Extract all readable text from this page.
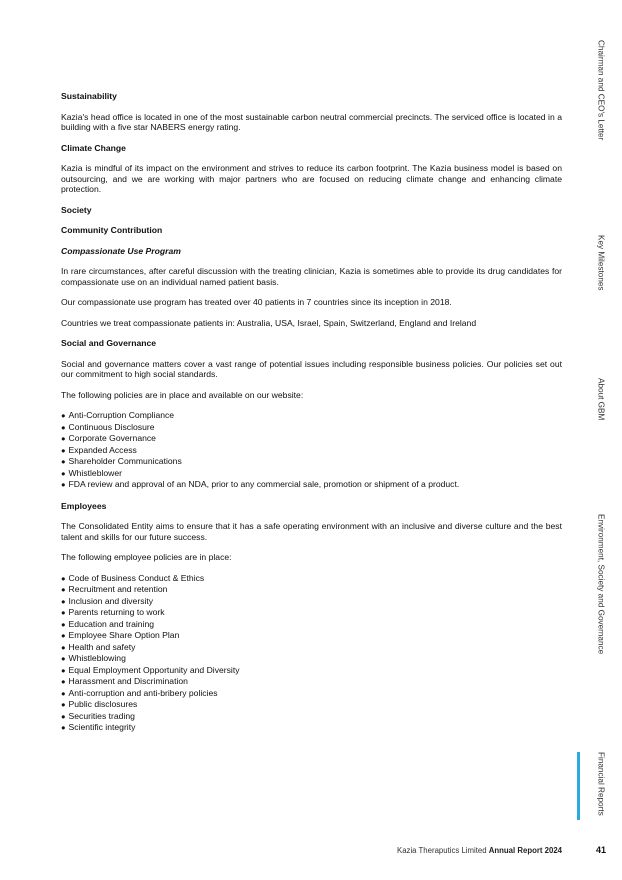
Sustainability
Kazia's head office is located in one of the most sustainable carbon neutral commercial precincts. The serviced office is located in a building with a five star NABERS energy rating.
Climate Change
Kazia is mindful of its impact on the environment and strives to reduce its carbon footprint. The Kazia business model is based on outsourcing, and we are working with major partners who are focused on reducing climate change and enhancing climate protection.
Society
Community Contribution
Compassionate Use Program
In rare circumstances, after careful discussion with the treating clinician, Kazia is sometimes able to provide its drug candidates for compassionate use on an individual named patient basis.
Our compassionate use program has treated over 40 patients in 7 countries since its inception in 2018.
Countries we treat compassionate patients in: Australia, USA, Israel, Spain, Switzerland, England and Ireland
Social and Governance
Social and governance matters cover a vast range of potential issues including responsible business policies. Our policies set out our commitment to high social standards.
The following policies are in place and available on our website:
● Anti-Corruption Compliance
● Continuous Disclosure
● Corporate Governance
● Expanded Access
● Shareholder Communications
● Whistleblower
● FDA review and approval of an NDA, prior to any commercial sale, promotion or shipment of a product.
Employees
The Consolidated Entity aims to ensure that it has a safe operating environment with an inclusive and diverse culture and the best talent and skills for our future success.
The following employee policies are in place:
● Code of Business Conduct & Ethics
● Recruitment and retention
● Inclusion and diversity
● Parents returning to work
● Education and training
● Employee Share Option Plan
● Health and safety
● Whistleblowing
● Equal Employment Opportunity and Diversity
● Harassment and Discrimination
● Anti-corruption and anti-bribery policies
● Public disclosures
● Securities trading
● Scientific integrity
Chairman and CEO's Letter
Key Milestones
About GBM
Environment, Society and Governance
Financial Reports
Kazia Theraputics Limited Annual Report 2024	41
